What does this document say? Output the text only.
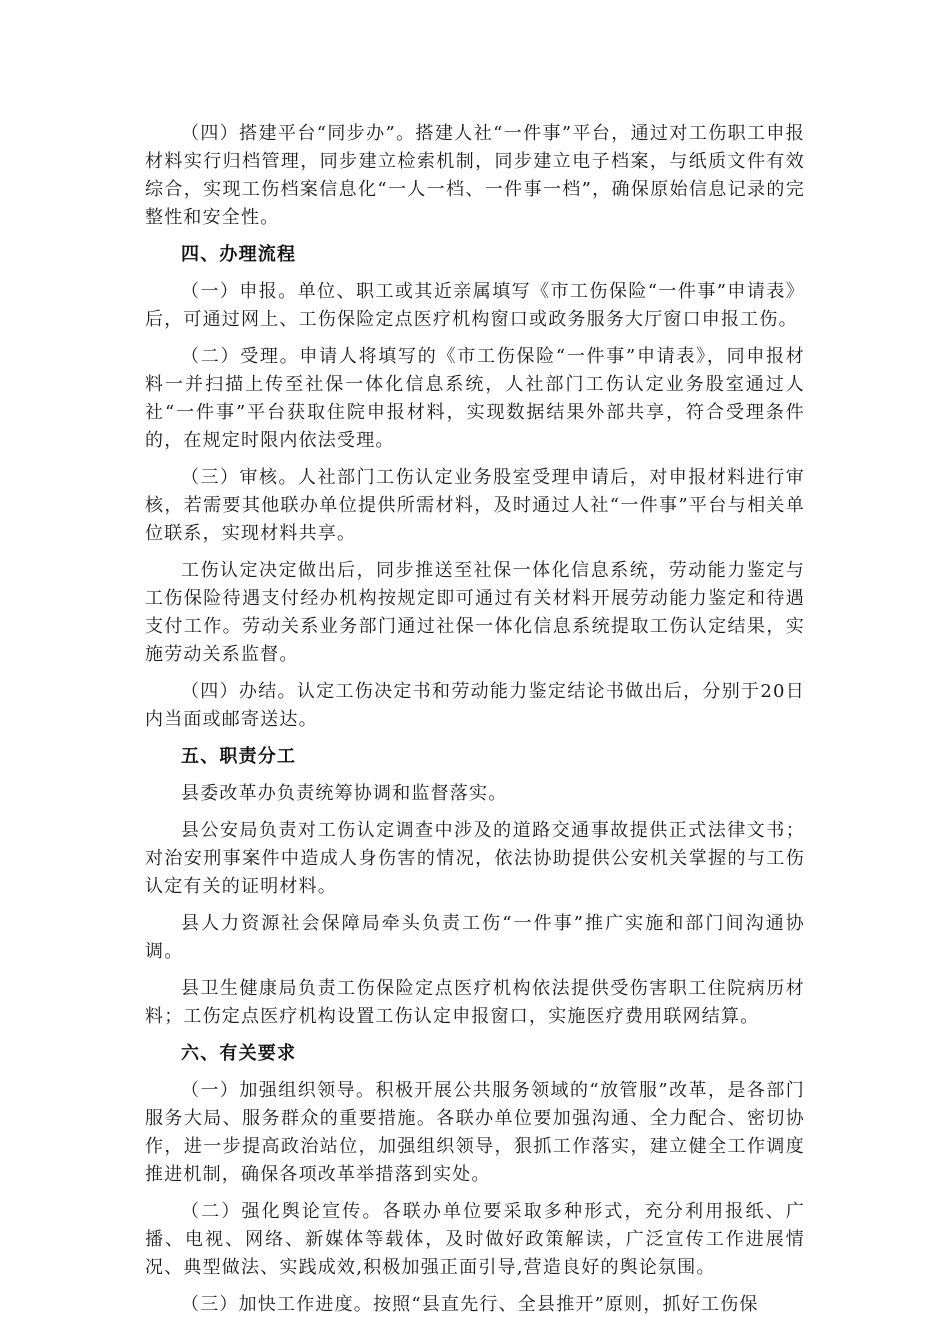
（四）搭建平台“同步办”。搭建人社“一件事”平台，通过对工伤职工申报材料实行归档管理，同步建立检索机制，同步建立电子档案，与纸质文件有效综合，实现工伤档案信息化“一人一档、一件事一档”，确保原始信息记录的完整性和安全性。

四、办理流程

（一）申报。单位、职工或其近亲属填写《市工伤保险“一件事”申请表》后，可通过网上、工伤保险定点医疗机构窗口或政务服务大厅窗口申报工伤。

（二）受理。申请人将填写的《市工伤保险“一件事”申请表》，同申报材料一并扫描上传至社保一体化信息系统，人社部门工伤认定业务股室通过人社“一件事”平台获取住院申报材料，实现数据结果外部共享，符合受理条件的，在规定时限内依法受理。

（三）审核。人社部门工伤认定业务股室受理申请后，对申报材料进行审核，若需要其他联办单位提供所需材料，及时通过人社“一件事”平台与相关单位联系，实现材料共享。

工伤认定决定做出后，同步推送至社保一体化信息系统，劳动能力鉴定与工伤保险待遇支付经办机构按规定即可通过有关材料开展劳动能力鉴定和待遇支付工作。劳动关系业务部门通过社保一体化信息系统提取工伤认定结果，实施劳动关系监督。

（四）办结。认定工伤决定书和劳动能力鉴定结论书做出后，分别于20日内当面或邮寄送达。

五、职责分工

县委改革办负责统筹协调和监督落实。

县公安局负责对工伤认定调查中涉及的道路交通事故提供正式法律文书；对治安刑事案件中造成人身伤害的情况，依法协助提供公安机关掌握的与工伤认定有关的证明材料。

县人力资源社会保障局牵头负责工伤“一件事”推广实施和部门间沟通协调。

县卫生健康局负责工伤保险定点医疗机构依法提供受伤害职工住院病历材料；工伤定点医疗机构设置工伤认定申报窗口，实施医疗费用联网结算。

六、有关要求

（一）加强组织领导。积极开展公共服务领域的“放管服”改革，是各部门服务大局、服务群众的重要措施。各联办单位要加强沟通、全力配合、密切协作，进一步提高政治站位，加强组织领导，狠抓工作落实，建立健全工作调度推进机制，确保各项改革举措落到实处。

（二）强化舆论宣传。各联办单位要采取多种形式，充分利用报纸、广播、电视、网络、新媒体等载体，及时做好政策解读，广泛宣传工作进展情况、典型做法、实践成效,积极加强正面引导,营造良好的舆论氛围。

（三）加快工作进度。按照“县直先行、全县推开”原则，抓好工伤保
